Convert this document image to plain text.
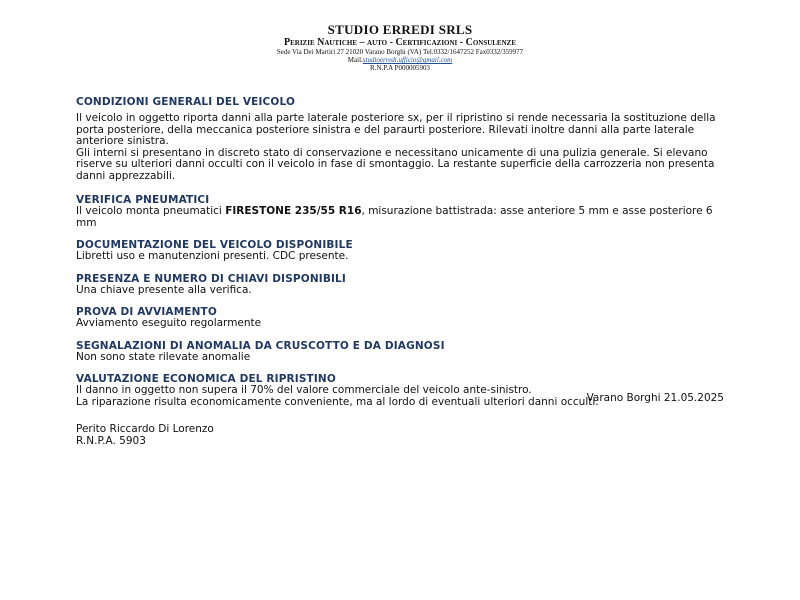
STUDIO ERREDI SRLS

Perizie Nautiche – auto - Certificazioni - Consulenze

Sede Via Dei Martiri 27 21020 Varano Borghi (VA) Tel.0332/1647252 Fax0332/359977

Mail.studioerredi.ufficio@gmail.com

R.N.P.A P000005903

CONDIZIONI GENERALI DEL VEICOLO

Il veicolo in oggetto riporta danni alla parte laterale posteriore sx, per il ripristino si rende necessaria la sostituzione della porta posteriore, della meccanica posteriore sinistra e del paraurti posteriore. Rilevati inoltre danni alla parte laterale anteriore sinistra.

Gli interni si presentano in discreto stato di conservazione e necessitano unicamente di una pulizia generale. Si elevano riserve su ulteriori danni occulti con il veicolo in fase di smontaggio. La restante superficie della carrozzeria non presenta danni apprezzabili.

VERIFICA PNEUMATICI

Il veicolo monta pneumatici FIRESTONE 235/55 R16, misurazione battistrada: asse anteriore 5 mm e asse posteriore 6 mm

DOCUMENTAZIONE DEL VEICOLO DISPONIBILE

Libretti uso e manutenzioni presenti. CDC presente.

PRESENZA E NUMERO DI CHIAVI DISPONIBILI

Una chiave presente alla verifica.

PROVA DI AVVIAMENTO

Avviamento eseguito regolarmente

SEGNALAZIONI DI ANOMALIA DA CRUSCOTTO E DA DIAGNOSI

Non sono state rilevate anomalie

VALUTAZIONE ECONOMICA DEL RIPRISTINO

Il danno in oggetto non supera il 70% del valore commerciale del veicolo ante-sinistro.

La riparazione risulta economicamente conveniente, ma al lordo di eventuali ulteriori danni occulti.

Varano Borghi 21.05.2025
Perito Riccardo Di Lorenzo
R.N.P.A. 5903
